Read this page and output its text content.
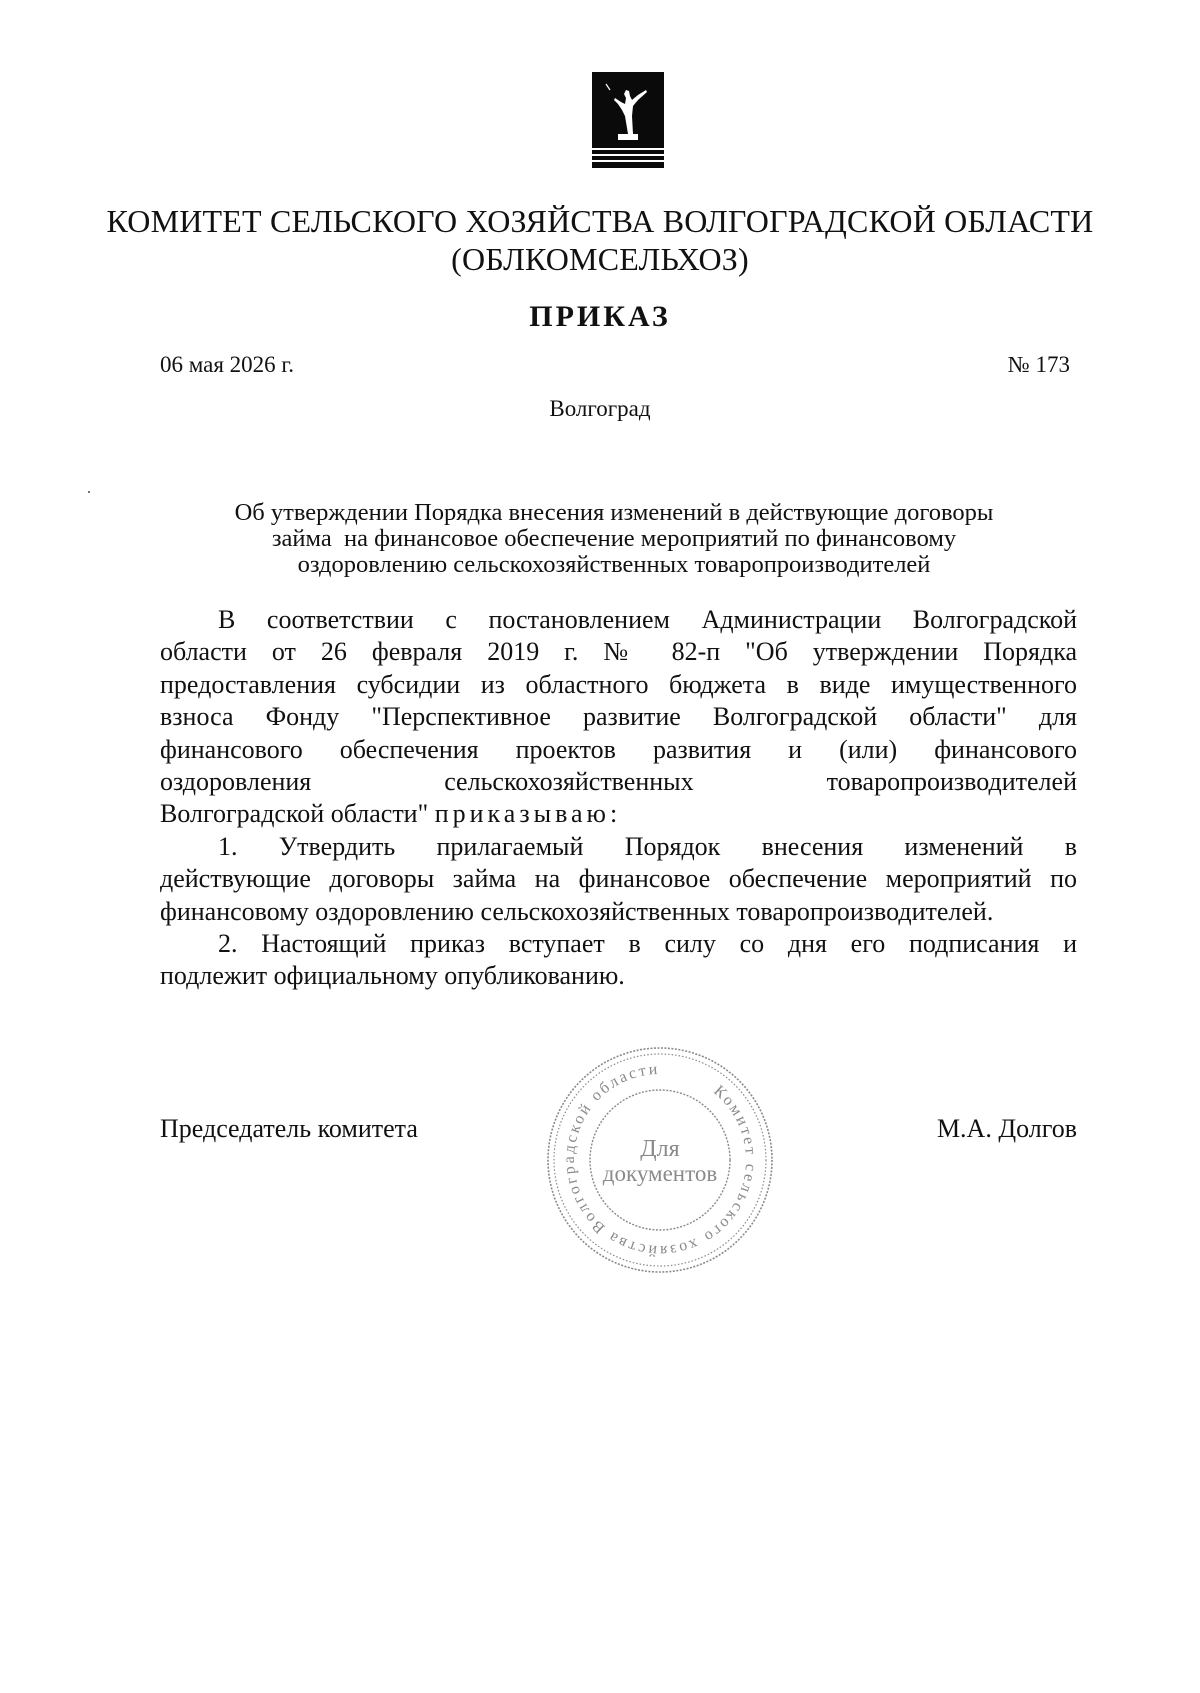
КОМИТЕТ СЕЛЬСКОГО ХОЗЯЙСТВА ВОЛГОГРАДСКОЙ ОБЛАСТИ
(ОБЛКОМСЕЛЬХОЗ)
ПРИКАЗ
06 мая 2026 г.	№ 173
Волгоград
Об утверждении Порядка внесения изменений в действующие договоры
займа  на финансовое обеспечение мероприятий по финансовому
оздоровлению сельскохозяйственных товаропроизводителей
В соответствии с постановлением Администрации Волгоградской
области от 26 февраля 2019 г. № 82-п "Об утверждении Порядка
предоставления субсидии из областного бюджета в виде имущественного
взноса Фонду "Перспективное развитие Волгоградской области" для
финансового обеспечения проектов развития и (или) финансового
оздоровления сельскохозяйственных товаропроизводителей
Волгоградской области" приказываю:
1. Утвердить прилагаемый Порядок внесения изменений в
действующие договоры займа на финансовое обеспечение мероприятий по
финансовому оздоровлению сельскохозяйственных товаропроизводителей.
2. Настоящий приказ вступает в силу со дня его подписания и
подлежит официальному опубликованию.
Председатель комитета	М.А. Долгов
Комитет сельского хозяйства Волгоградской области
Для
документов
